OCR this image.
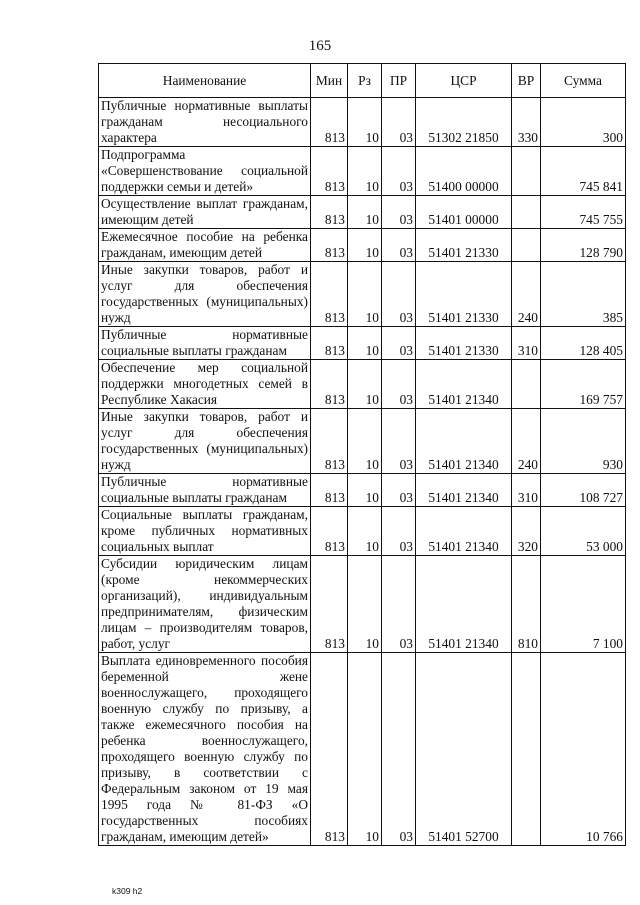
165
Наименование	Мин	Рз	ПР	ЦСР	ВР	Сумма
Публичные нормативные выплаты гражданам несоциального характера	813	10	03	51302 21850	330	300
Подпрограмма «Совершенствование социальной поддержки семьи и детей»	813	10	03	51400 00000		745 841
Осуществление выплат гражданам, имеющим детей	813	10	03	51401 00000		745 755
Ежемесячное пособие на ребенка гражданам, имеющим детей	813	10	03	51401 21330		128 790
Иные закупки товаров, работ и услуг для обеспечения государственных (муниципальных) нужд	813	10	03	51401 21330	240	385
Публичные нормативные социальные выплаты гражданам	813	10	03	51401 21330	310	128 405
Обеспечение мер социальной поддержки многодетных семей в Республике Хакасия	813	10	03	51401 21340		169 757
Иные закупки товаров, работ и услуг для обеспечения государственных (муниципальных) нужд	813	10	03	51401 21340	240	930
Публичные нормативные социальные выплаты гражданам	813	10	03	51401 21340	310	108 727
Социальные выплаты гражданам, кроме публичных нормативных социальных выплат	813	10	03	51401 21340	320	53 000
Субсидии юридическим лицам (кроме некоммерческих организаций), индивидуальным предпринимателям, физическим лицам – производителям товаров, работ, услуг	813	10	03	51401 21340	810	7 100
Выплата единовременного пособия беременной жене военнослужащего, проходящего военную службу по призыву, а также ежемесячного пособия на ребенка военнослужащего, проходящего военную службу по призыву, в соответствии с Федеральным законом от 19 мая 1995 года № 81-ФЗ «О государственных пособиях гражданам, имеющим детей»	813	10	03	51401 52700		10 766
k309 h2
